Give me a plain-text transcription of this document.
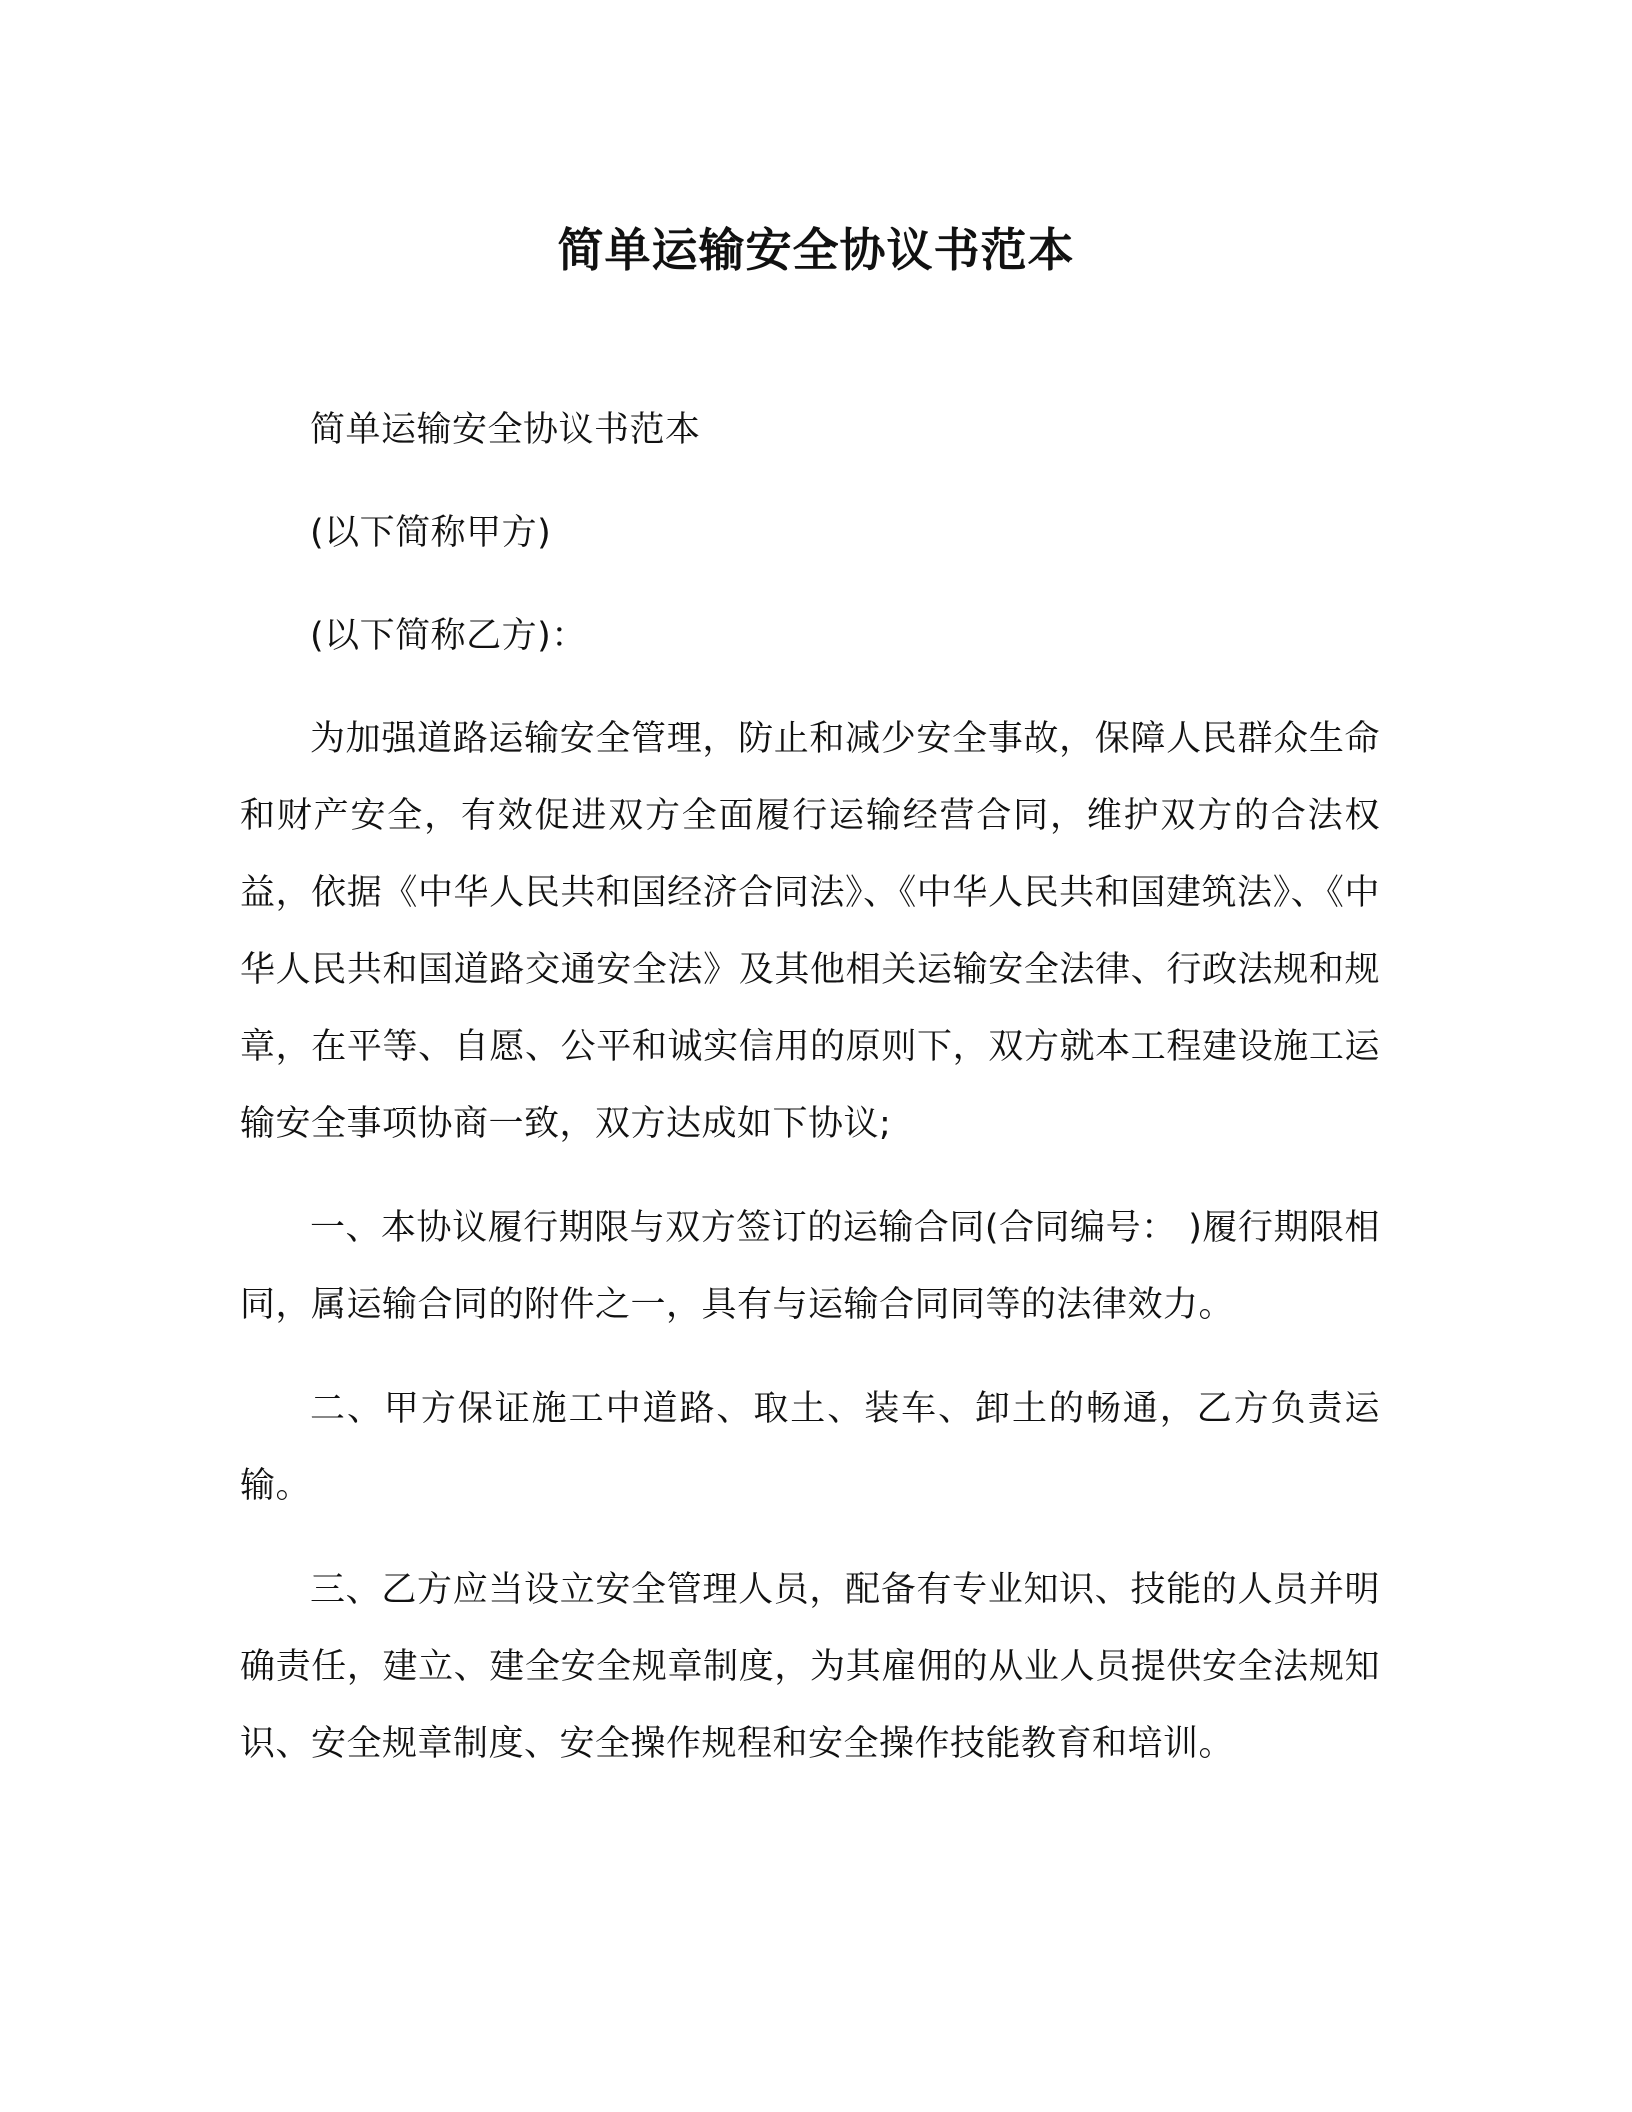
简单运输安全协议书范本

简单运输安全协议书范本

(以下简称甲方)

(以下简称乙方)：

为加强道路运输安全管理，防止和减少安全事故，保障人民群众生命和财产安全，有效促进双方全面履行运输经营合同，维护双方的合法权益，依据《中华人民共和国经济合同法》、《中华人民共和国建筑法》、《中华人民共和国道路交通安全法》及其他相关运输安全法律、行政法规和规章，在平等、自愿、公平和诚实信用的原则下，双方就本工程建设施工运输安全事项协商一致，双方达成如下协议;

一、本协议履行期限与双方签订的运输合同(合同编号： )履行期限相同，属运输合同的附件之一，具有与运输合同同等的法律效力。

二、甲方保证施工中道路、取土、装车、卸土的畅通，乙方负责运输。

三、乙方应当设立安全管理人员，配备有专业知识、技能的人员并明确责任，建立、建全安全规章制度，为其雇佣的从业人员提供安全法规知识、安全规章制度、安全操作规程和安全操作技能教育和培训。
